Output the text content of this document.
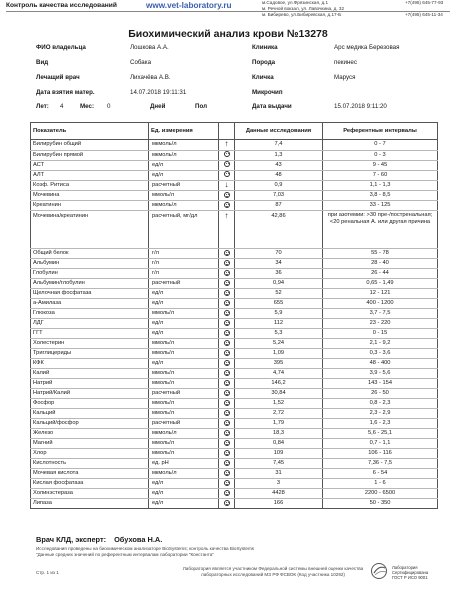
Контроль качества исследований	www.vet-laboratory.ru	м.Садовое, ул.Фрязинская, д.1
м. Речной вокзал, ул. Лавочкина, д. 32
м. Бибирево, ул.Бибиревская, д.17-Б
+7(495) 645-77-93
+7(495) 645-11-34
Биохимический анализ крови №13278
ФИО владельца	Лошкова А.А.	Клиника	Арс медика Березовая
Вид	Собака	Порода	пекинес
Лечащий врач	Лихачёва А.В.	Кличка	Маруся
Дата взятия матер.	14.07.2018 19:11:31	Микрочип
Лет: 4	Мес: 0	Дней	Пол	Дата выдачи	15.07.2018 9:11:20
Показатель	Ед. измерения		Данные исследования	Референтные интервалы
Билирубин общий	мкмоль/л	↑	7,4	0 - 7
Билирубин прямой	мкмоль/л		1,3	0 - 3
АСТ	ед/л		43	9 - 45
АЛТ	ед/л		48	7 - 60
Коэф. Ритиса	расчетный	↓	0,9	1,1 - 1,3
Мочевина	ммоль/л		7,03	3,8 - 8,5
Креатинин	мкмоль/л		87	33 - 125
Мочевина/креатинин	расчетный, мг/дл	↑	42,86	при азотемии: >30 пре-/постренальная; <20 ренальная А. или другая причина

Общий белок	г/л		70	55 - 78
Альбумин	г/л		34	28 - 40
Глобулин	г/л		36	26 - 44
Альбумин/глобулин	расчетный		0,94	0,65 - 1,49
Щелочная фосфатаза	ед/л		52	12 - 121
а-Амилаза	ед/л		655	400 - 1200
Глюкоза	ммоль/л		5,9	3,7 - 7,5
ЛДГ	ед/л		112	23 - 220
ГГТ	ед/л		5,3	0 - 15
Холестерин	ммоль/л		5,24	2,1 - 9,2
Триглицериды	ммоль/л		1,09	0,3 - 3,6
КФК	ед/л		395	48 - 400
Калий	ммоль/л		4,74	3,9 - 5,6
Натрий	ммоль/л		146,2	143 - 154
Натрий/Калий	расчетный		30,84	26 - 50
Фосфор	ммоль/л		1,52	0,8 - 2,3
Кальций	ммоль/л		2,72	2,3 - 2,9
Кальций/фосфор	расчетный		1,79	1,6 - 2,3
Железо	мкмоль/л		18,3	5,6 - 25,1
Магний	ммоль/л		0,84	0,7 - 1,1
Хлор	ммоль/л		109	106 - 116
Кислотность	ед. pH		7,45	7,36 - 7,5
Мочевая кислота	мкмоль/л		31	6 - 54
Кислая фосфатаза	ед/л		3	1 - 6
Холинэстераза	ед/л		4428	2200 - 6500
Липаза	ед/л		166	50 - 350
Врач КЛД, эксперт: Обухова Н.А.
Исследования проведены на биохимическом анализаторе BioSystems; контроль качества BioSystems
"Данные средних значений по референтным интервалам лаборатории "Константа"
Стр. 1 из 1
Лаборатория является участником Федеральной системы внешней оценки качества
лабораторных исследований МЗ РФ ФСВОК (Код участника 10292)
Лаборатория
Сертифицирована
ГОСТ Р ИСО 9001
